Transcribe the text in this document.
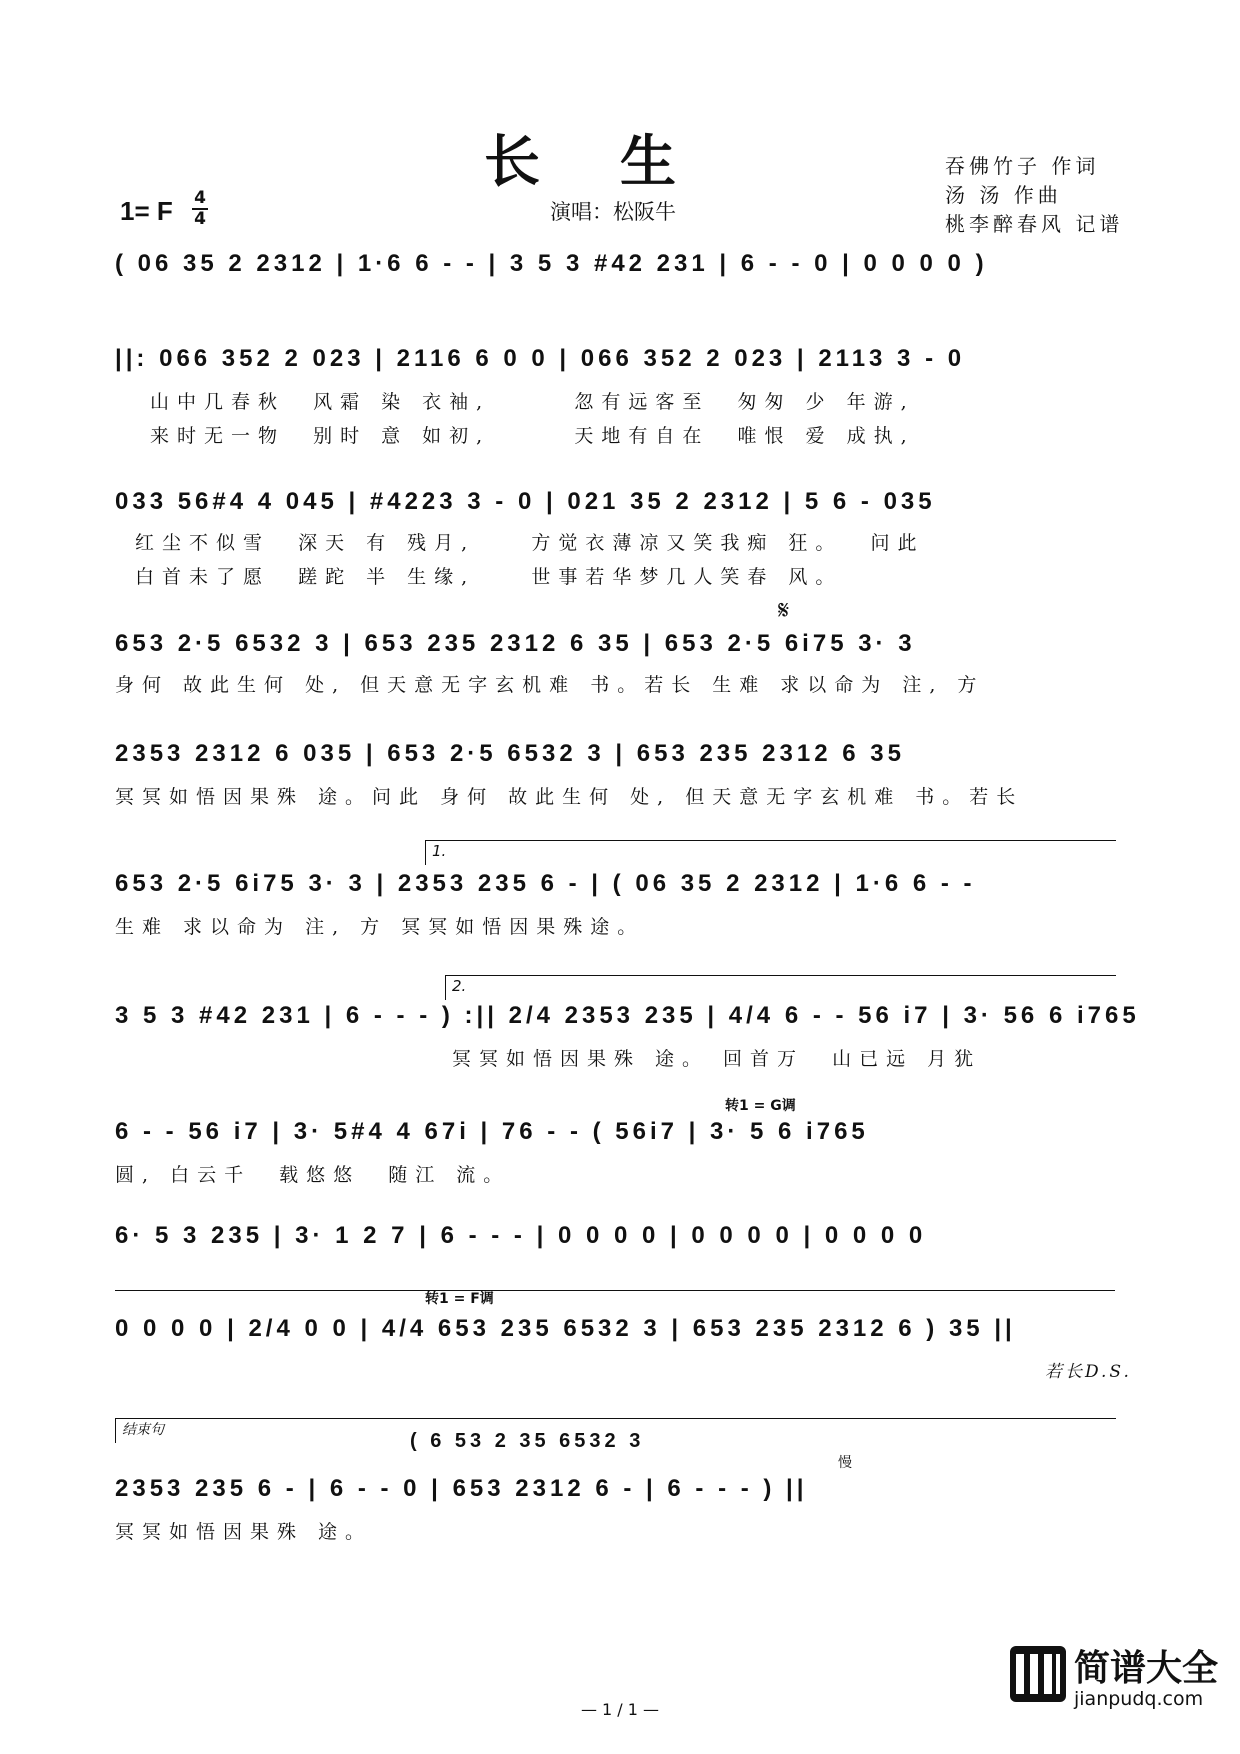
长生
1= F 4
4	演唱：松阪牛
吞佛竹子 作词
汤 汤 作曲
桃李醉春风 记谱
( 06 35 2 2312 | 1·6 6 - - | 3 5 3 #42 231 | 6 - - 0 | 0 0 0 0 )
||: 066 352 2 023 | 2116 6 0 0 | 066 352 2 023 | 2113 3 - 0
山中几春秋  风霜 染 衣袖,      忽有远客至  匆匆 少 年游,
来时无一物  别时 意 如初,      天地有自在  唯恨 爱 成执,
033 56#4 4 045 | #4223 3 - 0 | 021 35 2 2312 | 5 6 - 035
红尘不似雪  深天 有 残月,    方觉衣薄凉又笑我痴 狂。  问此
白首未了愿  蹉跎 半 生缘,    世事若华梦几人笑春 风。
𝄋
653 2·5 6532 3 | 653 235 2312 6 35 | 653 2·5 6i75 3· 3
身何 故此生何 处, 但天意无字玄机难 书。若长 生难 求以命为 注, 方
2353 2312 6 035 | 653 2·5 6532 3 | 653 235 2312 6 35
冥冥如悟因果殊 途。问此 身何 故此生何 处, 但天意无字玄机难 书。若长
1.
653 2·5 6i75 3· 3 | 2353 235 6 - | ( 06 35 2 2312 | 1·6 6 - -
生难 求以命为 注, 方 冥冥如悟因果殊途。
2.
3 5 3 #42 231 | 6 - - - ) :|| 2/4 2353 235 | 4/4 6 - - 56 i7 | 3· 56 6 i765
冥冥如悟因果殊 途。 回首万  山已远 月犹
转1 = G调
6 - - 56 i7 | 3· 5#4 4 67i | 76 - - ( 56i7 | 3· 5 6 i765
圆, 白云千  载悠悠  随江 流。
6· 5 3 235 | 3· 1 2 7 | 6 - - - | 0 0 0 0 | 0 0 0 0 | 0 0 0 0
转1 = F调
0 0 0 0 | 2/4 0 0 | 4/4 653 235 6532 3 | 653 235 2312 6 ) 35 ||
若长D.S.
结束句	( 6 53 2 35 6532 3
慢
2353 235 6 - | 6 - - 0 | 653 2312 6 - | 6 - - - ) ||
冥冥如悟因果殊 途。
— 1 / 1 —
简谱大全
jianpudq.com
